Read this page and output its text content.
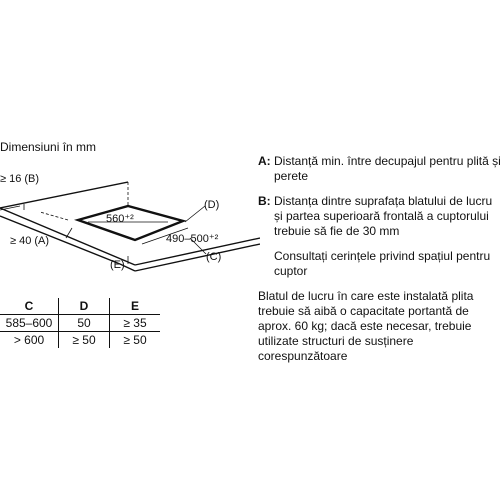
Dimensiuni în mm
≥ 16 (B)
≥ 40 (A)
560⁺²
490–500⁺²
(D)
(E)
(C)
C	D	E
585–600	50	≥ 35
> 600	≥ 50	≥ 50
A: Distanță min. între decupajul pentru plită și perete
B: Distanța dintre suprafața blatului de lucru și partea superioară frontală a cuptorului trebuie să fie de 30 mm
Consultați cerințele privind spațiul pentru cuptor
Blatul de lucru în care este instalată plita trebuie să aibă o capacitate portantă de aprox. 60 kg; dacă este necesar, trebuie utilizate structuri de susținere corespunzătoare
